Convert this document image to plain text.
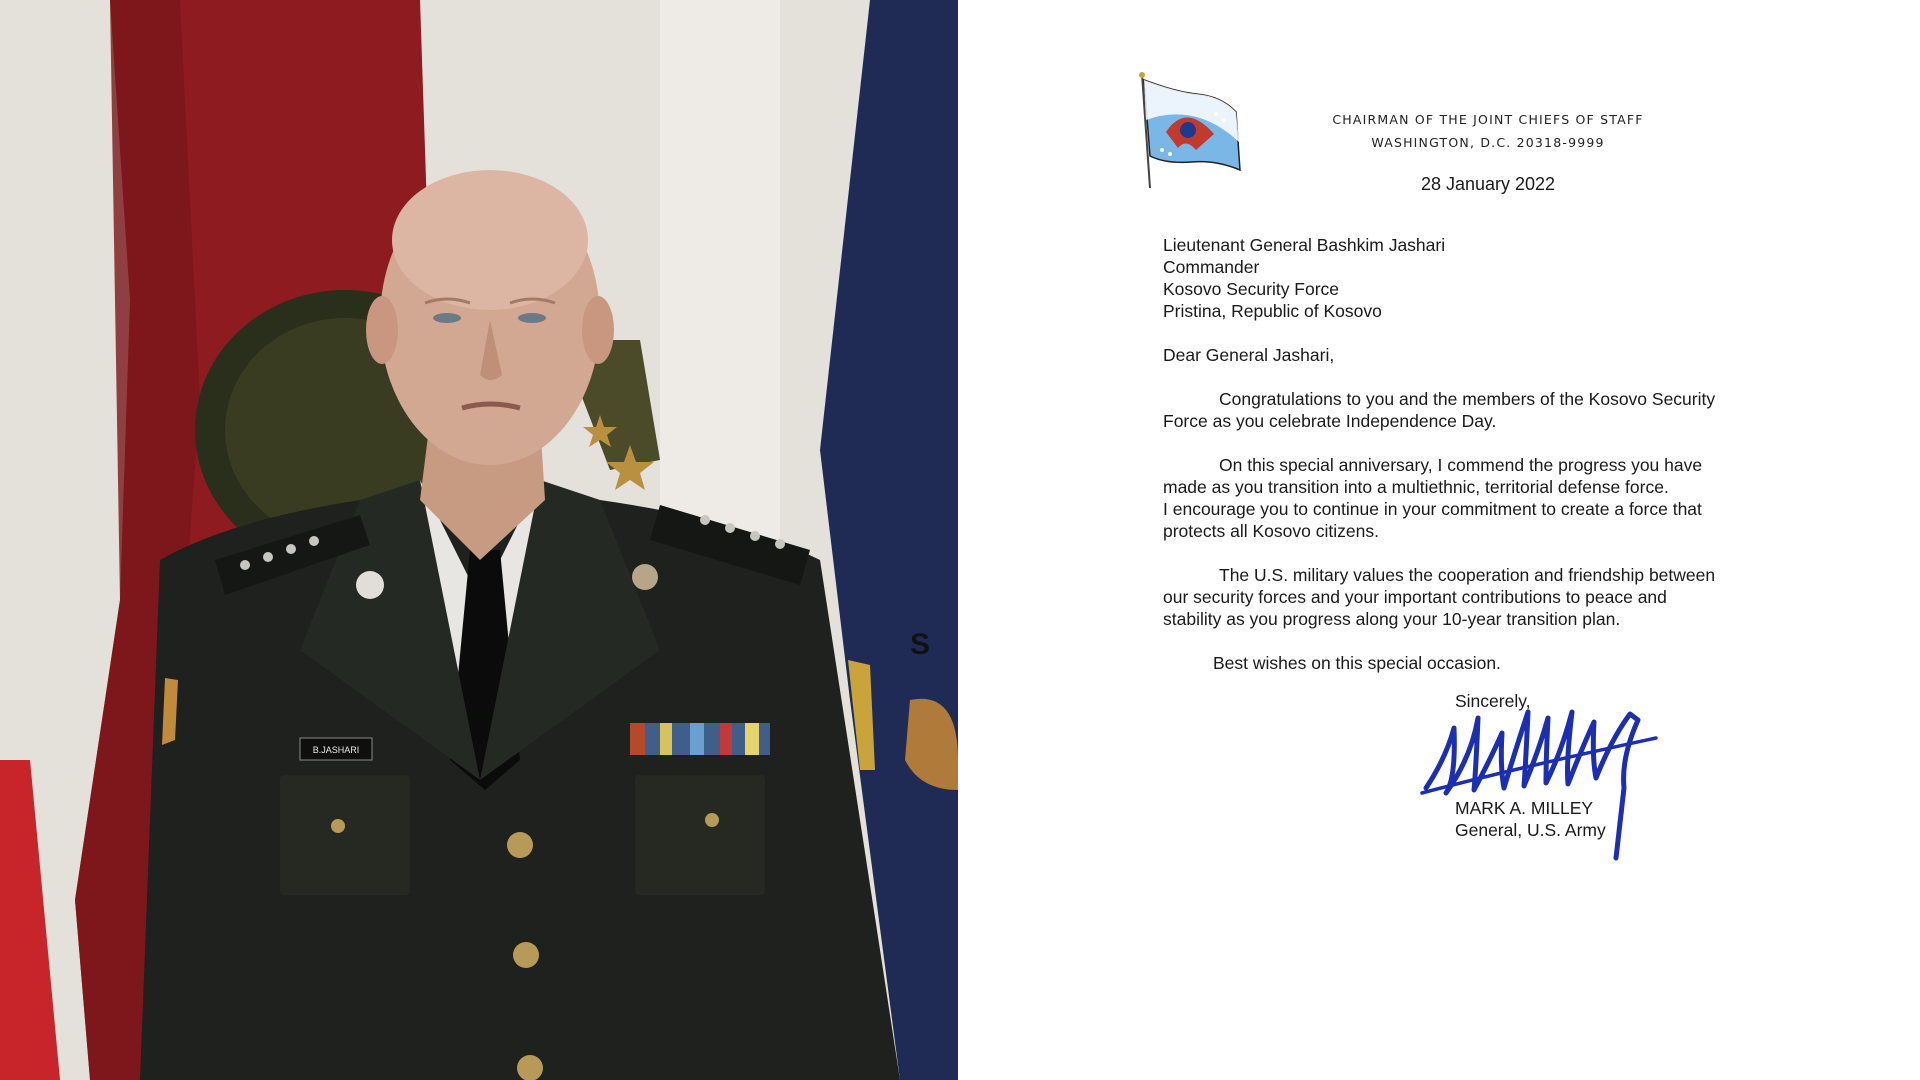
B.JASHARI
S
CHAIRMAN OF THE JOINT CHIEFS OF STAFF
WASHINGTON, D.C. 20318-9999
28 January 2022

Lieutenant General Bashkim Jashari

Commander

Kosovo Security Force

Pristina, Republic of Kosovo

Dear General Jashari,

Congratulations to you and the members of the Kosovo Security
Force as you celebrate Independence Day.
On this special anniversary, I commend the progress you have
made as you transition into a multiethnic, territorial defense force.
I encourage you to continue in your commitment to create a force that
protects all Kosovo citizens.
The U.S. military values the cooperation and friendship between
our security forces and your important contributions to peace and
stability as you progress along your 10-year transition plan.

Best wishes on this special occasion.

Sincerely,

MARK A. MILLEY

General, U.S. Army
